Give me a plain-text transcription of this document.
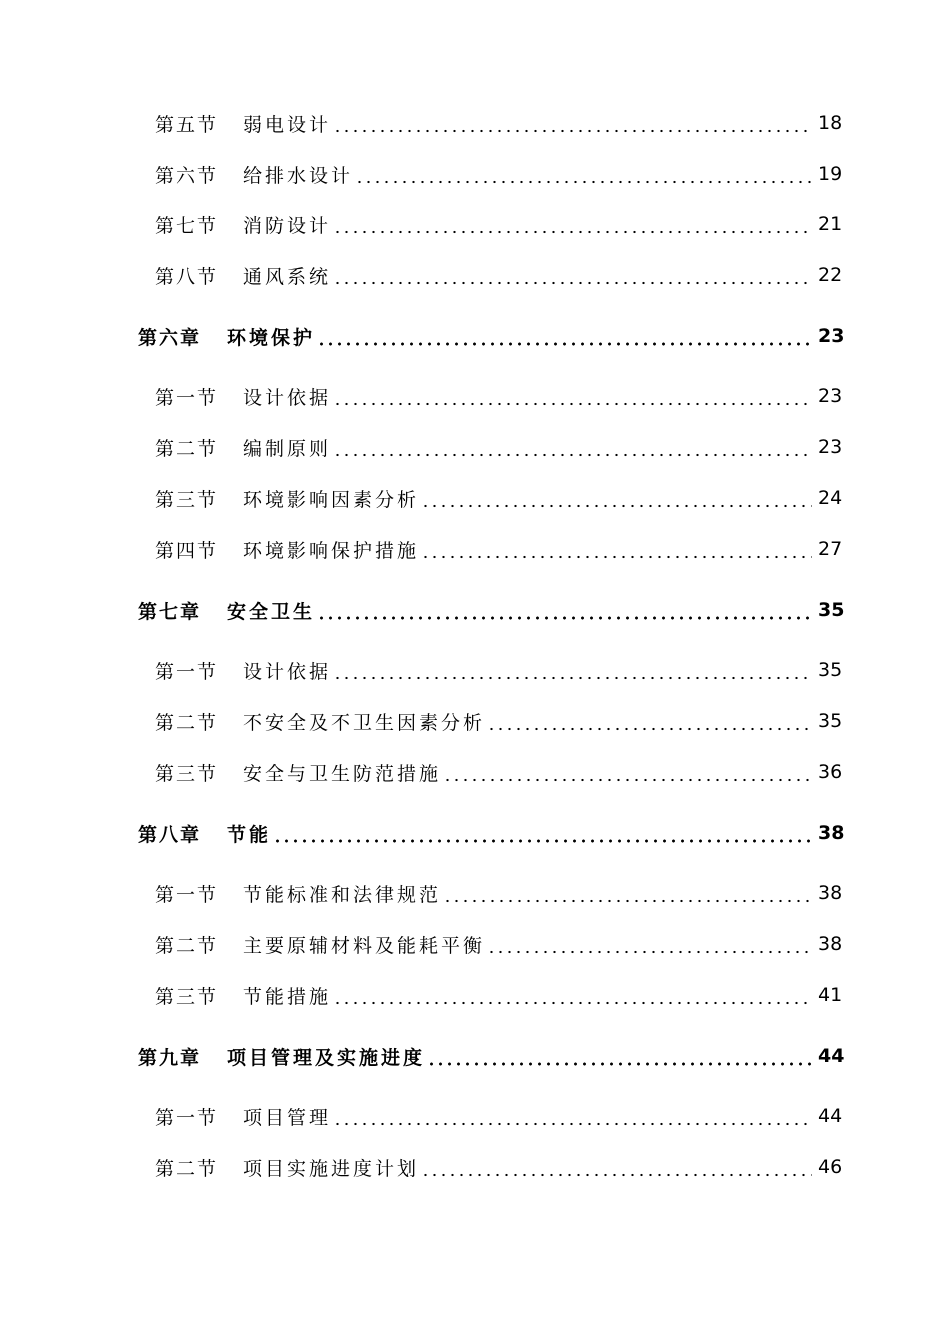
第五节	弱电设计	18
第六节	给排水设计	19
第七节	消防设计	21
第八节	通风系统	22
第六章	环境保护	23
第一节	设计依据	23
第二节	编制原则	23
第三节	环境影响因素分析	24
第四节	环境影响保护措施	27
第七章	安全卫生	35
第一节	设计依据	35
第二节	不安全及不卫生因素分析	35
第三节	安全与卫生防范措施	36
第八章	节能	38
第一节	节能标准和法律规范	38
第二节	主要原辅材料及能耗平衡	38
第三节	节能措施	41
第九章	项目管理及实施进度	44
第一节	项目管理	44
第二节	项目实施进度计划	46
